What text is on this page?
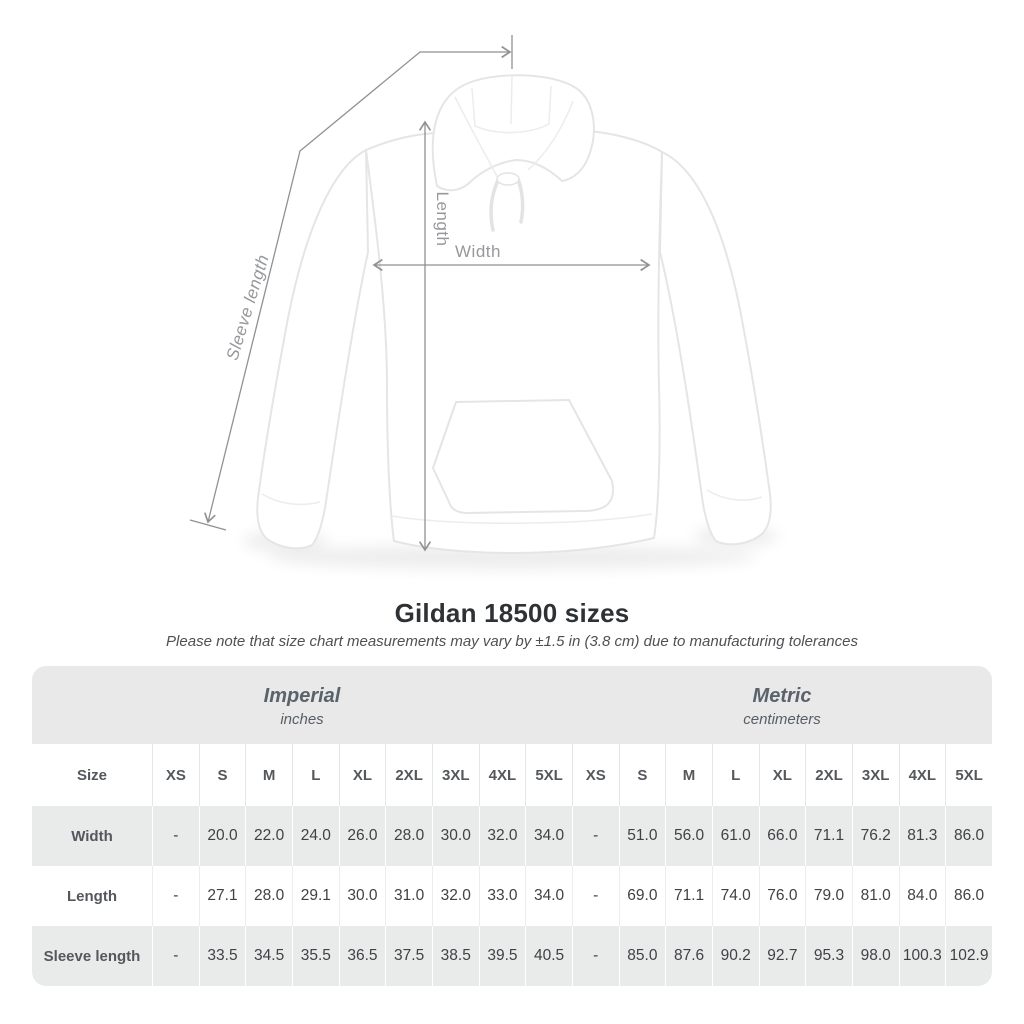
Width
Length
Sleeve length
Gildan 18500 sizes

Please note that size chart measurements may vary by ±1.5 in (3.8 cm) due to manufacturing tolerances

Imperial
inches
Metric
centimeters
Size	XS	S	M	L	XL	2XL	3XL	4XL	5XL	XS	S	M	L	XL	2XL	3XL	4XL	5XL
Width	-	20.0	22.0	24.0	26.0	28.0	30.0	32.0	34.0	-	51.0	56.0	61.0	66.0	71.1	76.2	81.3	86.0
Length	-	27.1	28.0	29.1	30.0	31.0	32.0	33.0	34.0	-	69.0	71.1	74.0	76.0	79.0	81.0	84.0	86.0
Sleeve length	-	33.5	34.5	35.5	36.5	37.5	38.5	39.5	40.5	-	85.0	87.6	90.2	92.7	95.3	98.0	100.3	102.9
